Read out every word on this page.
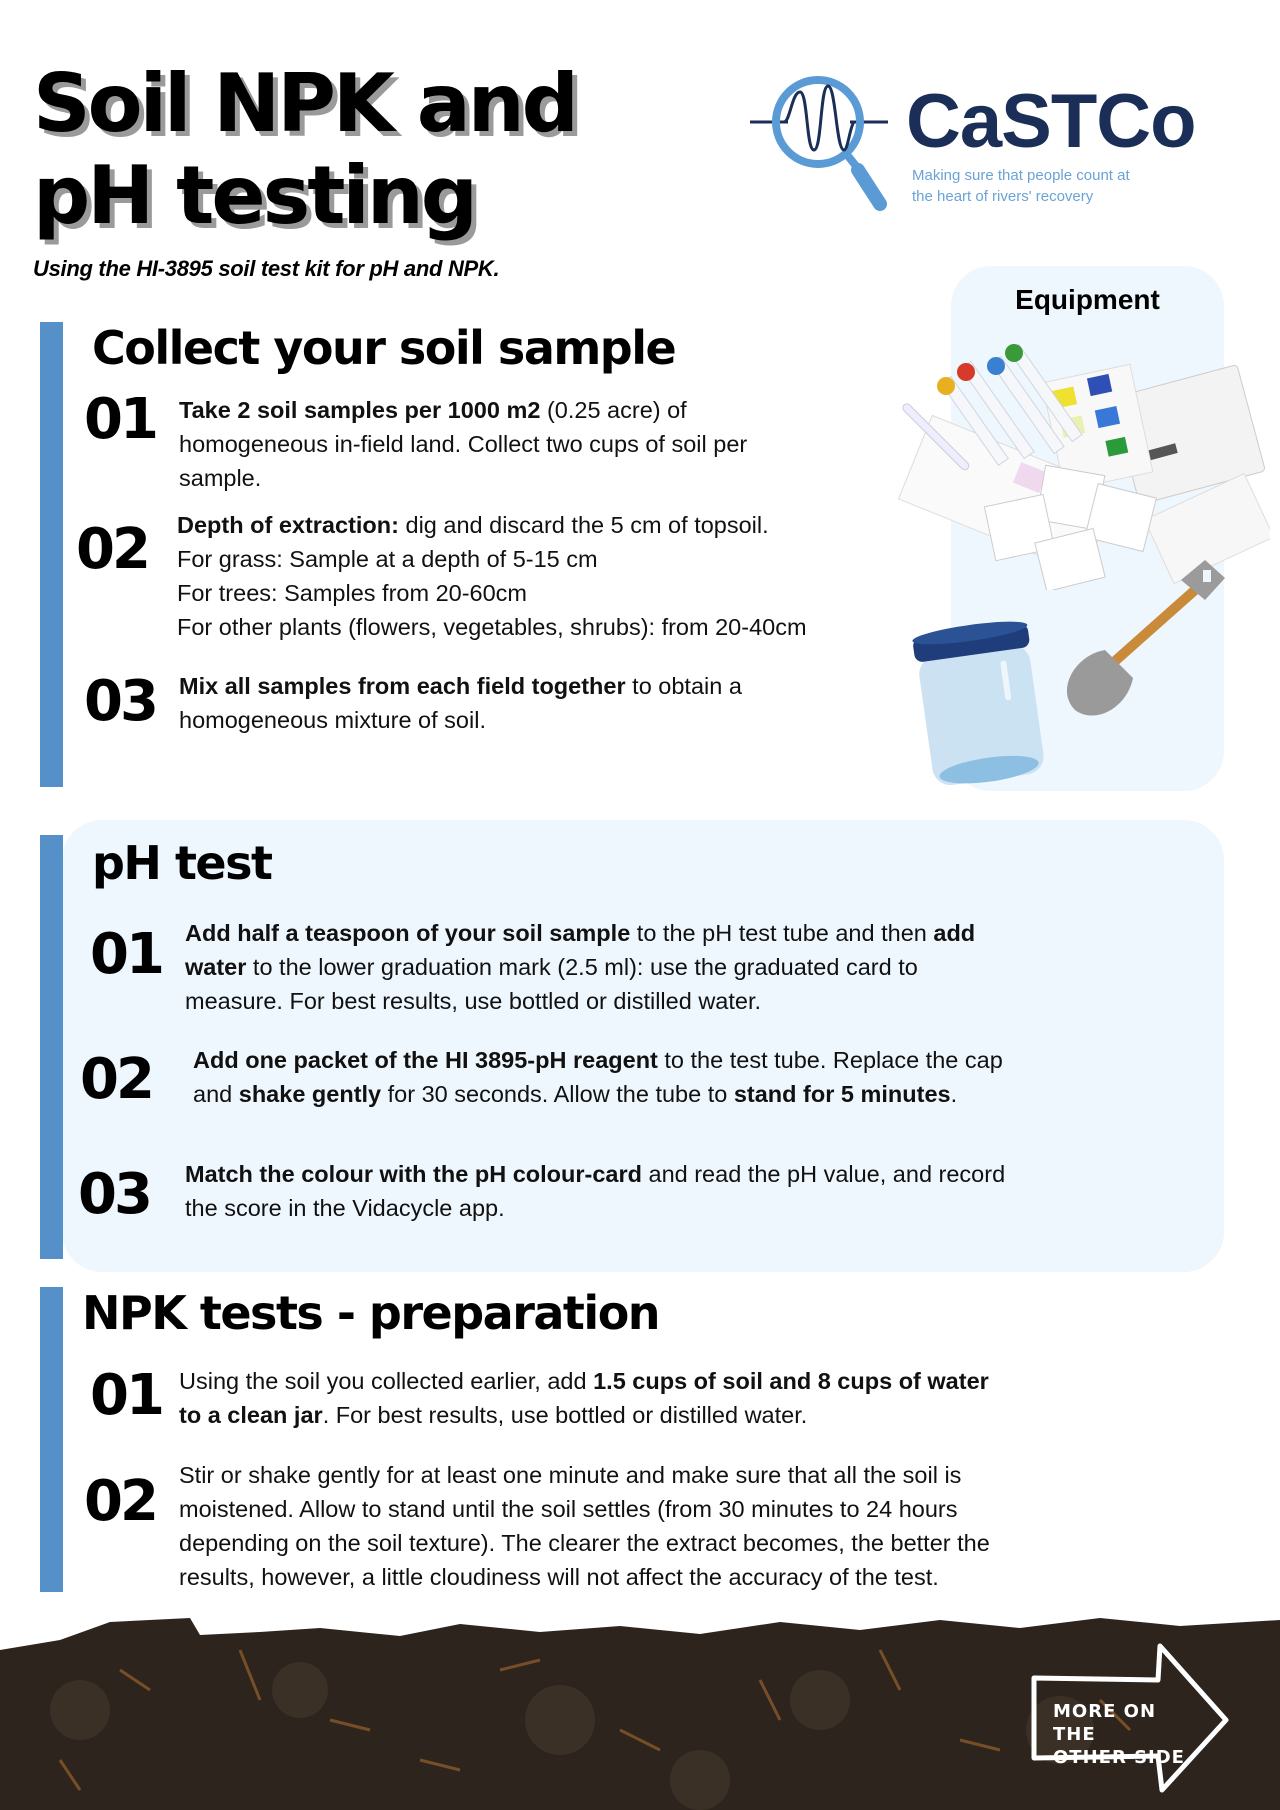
Soil NPK and
pH testing
Using the HI-3895 soil test kit for pH and NPK.
CaSTCo
Making sure that people count at
the heart of rivers' recovery
Equipment
Collect your soil sample
01 Take 2 soil samples per 1000 m2 (0.25 acre) of
homogeneous in-field land. Collect two cups of soil per
sample.
02 Depth of extraction: dig and discard the 5 cm of topsoil.
For grass: Sample at a depth of 5-15 cm
For trees: Samples from 20-60cm
For other plants (flowers, vegetables, shrubs): from 20-40cm
03 Mix all samples from each field together to obtain a
homogeneous mixture of soil.
pH test
01 Add half a teaspoon of your soil sample to the pH test tube and then add
water to the lower graduation mark (2.5 ml): use the graduated card to
measure. For best results, use bottled or distilled water.
02 Add one packet of the HI 3895-pH reagent to the test tube. Replace the cap
and shake gently for 30 seconds. Allow the tube to stand for 5 minutes.
03 Match the colour with the pH colour-card and read the pH value, and record
the score in the Vidacycle app.
NPK tests - preparation
01 Using the soil you collected earlier, add 1.5 cups of soil and 8 cups of water
to a clean jar. For best results, use bottled or distilled water.
02 Stir or shake gently for at least one minute and make sure that all the soil is
moistened. Allow to stand until the soil settles (from 30 minutes to 24 hours
depending on the soil texture). The clearer the extract becomes, the better the
results, however, a little cloudiness will not affect the accuracy of the test.
MORE ON THE
OTHER SIDE
